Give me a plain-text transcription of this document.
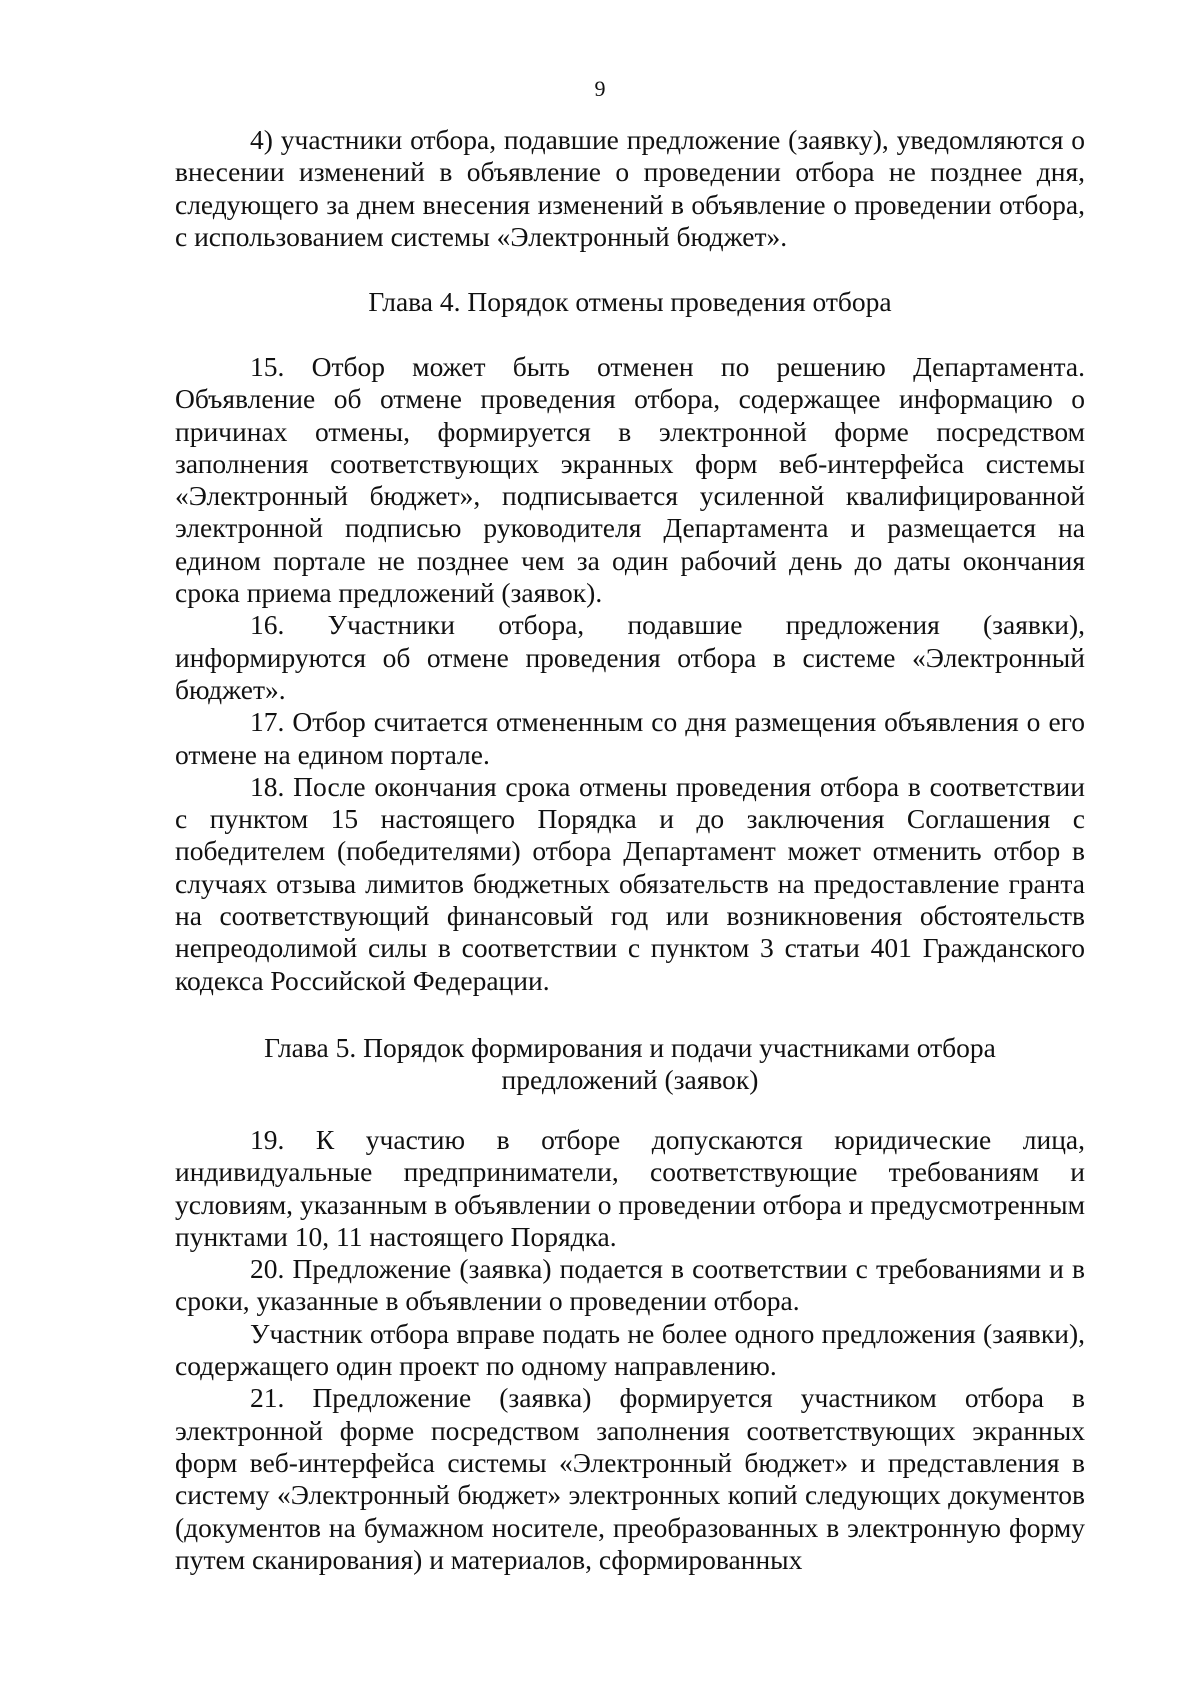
9

4) участники отбора, подавшие предложение (заявку), уведомляются о внесении изменений в объявление о проведении отбора не позднее дня, следующего за днем внесения изменений в объявление о проведении отбора, с использованием системы «Электронный бюджет».

Глава 4. Порядок отмены проведения отбора

15. Отбор может быть отменен по решению Департамента. Объявление об отмене проведения отбора, содержащее информацию о причинах отмены, формируется в электронной форме посредством заполнения соответствующих экранных форм веб-интерфейса системы «Электронный бюджет», подписывается усиленной квалифицированной электронной подписью руководителя Департамента и размещается на едином портале не позднее чем за один рабочий день до даты окончания срока приема предложений (заявок).

16. Участники отбора, подавшие предложения (заявки), информируются об отмене проведения отбора в системе «Электронный бюджет».

17. Отбор считается отмененным со дня размещения объявления о его отмене на едином портале.

18. После окончания срока отмены проведения отбора в соответствии с пунктом 15 настоящего Порядка и до заключения Соглашения с победителем (победителями) отбора Департамент может отменить отбор в случаях отзыва лимитов бюджетных обязательств на предоставление гранта на соответствующий финансовый год или возникновения обстоятельств непреодолимой силы в соответствии с пунктом 3 статьи 401 Гражданского кодекса Российской Федерации.

Глава 5. Порядок формирования и подачи участниками отбора
предложений (заявок)

19. К участию в отборе допускаются юридические лица, индивидуальные предприниматели, соответствующие требованиям и условиям, указанным в объявлении о проведении отбора и предусмотренным пунктами 10, 11 настоящего Порядка.

20. Предложение (заявка) подается в соответствии с требованиями и в сроки, указанные в объявлении о проведении отбора.

Участник отбора вправе подать не более одного предложения (заявки), содержащего один проект по одному направлению.

21. Предложение (заявка) формируется участником отбора в электронной форме посредством заполнения соответствующих экранных форм веб-интерфейса системы «Электронный бюджет» и представления в систему «Электронный бюджет» электронных копий следующих документов (документов на бумажном носителе, преобразованных в электронную форму путем сканирования) и материалов, сформированных
